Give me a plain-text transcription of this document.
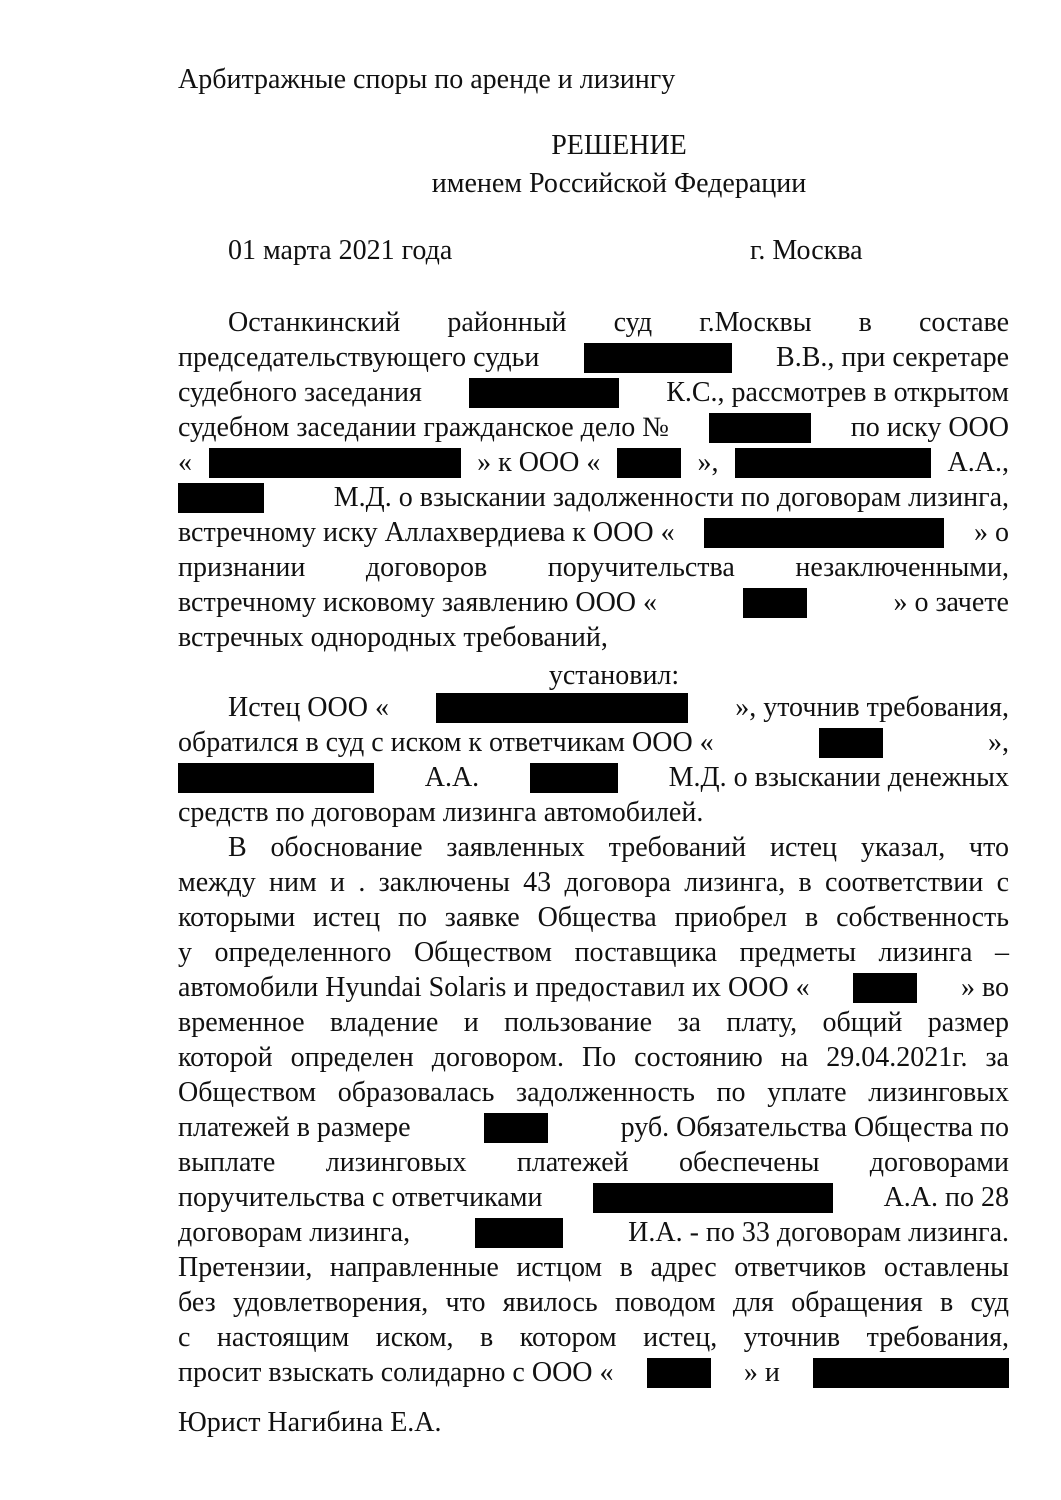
Арбитражные споры по аренде и лизингу
РЕШЕНИЕ
именем Российской Федерации
01 марта 2021 года	г. Москва
Останкинский районный суд г.Москвы в составе
председательствующего судьи	В.В., при секретаре
судебного заседания	К.С., рассмотрев в открытом
судебном заседании гражданское дело №	по иску ООО
«	» к ООО «	»,	А.А.,
М.Д. о взыскании задолженности по договорам лизинга,
встречному иску Аллахвердиева к ООО «	» о
признании договоров поручительства незаключенными,
встречному исковому заявлению ООО «	» о зачете
встречных однородных требований,
установил:
Истец ООО «	», уточнив требования,
обратился в суд с иском к ответчикам ООО «	»,
А.А.	М.Д. о взыскании денежных
средств по договорам лизинга автомобилей.
В обоснование заявленных требований истец указал, что
между ним и . заключены 43 договора лизинга, в соответствии с
которыми истец по заявке Общества приобрел в собственность
у определенного Обществом поставщика предметы лизинга –
автомобили Hyundai Solaris и предоставил их ООО «	» во
временное владение и пользование за плату, общий размер
которой определен договором. По состоянию на 29.04.2021г. за
Обществом образовалась задолженность по уплате лизинговых
платежей в размере	руб. Обязательства Общества по
выплате лизинговых платежей обеспечены договорами
поручительства с ответчиками	А.А. по 28
договорам лизинга,	И.А. - по 33 договорам лизинга.
Претензии, направленные истцом в адрес ответчиков оставлены
без удовлетворения, что явилось поводом для обращения в суд
с настоящим иском, в котором истец, уточнив требования,
просит взыскать солидарно с ООО «	» и
Юрист Нагибина Е.А.
